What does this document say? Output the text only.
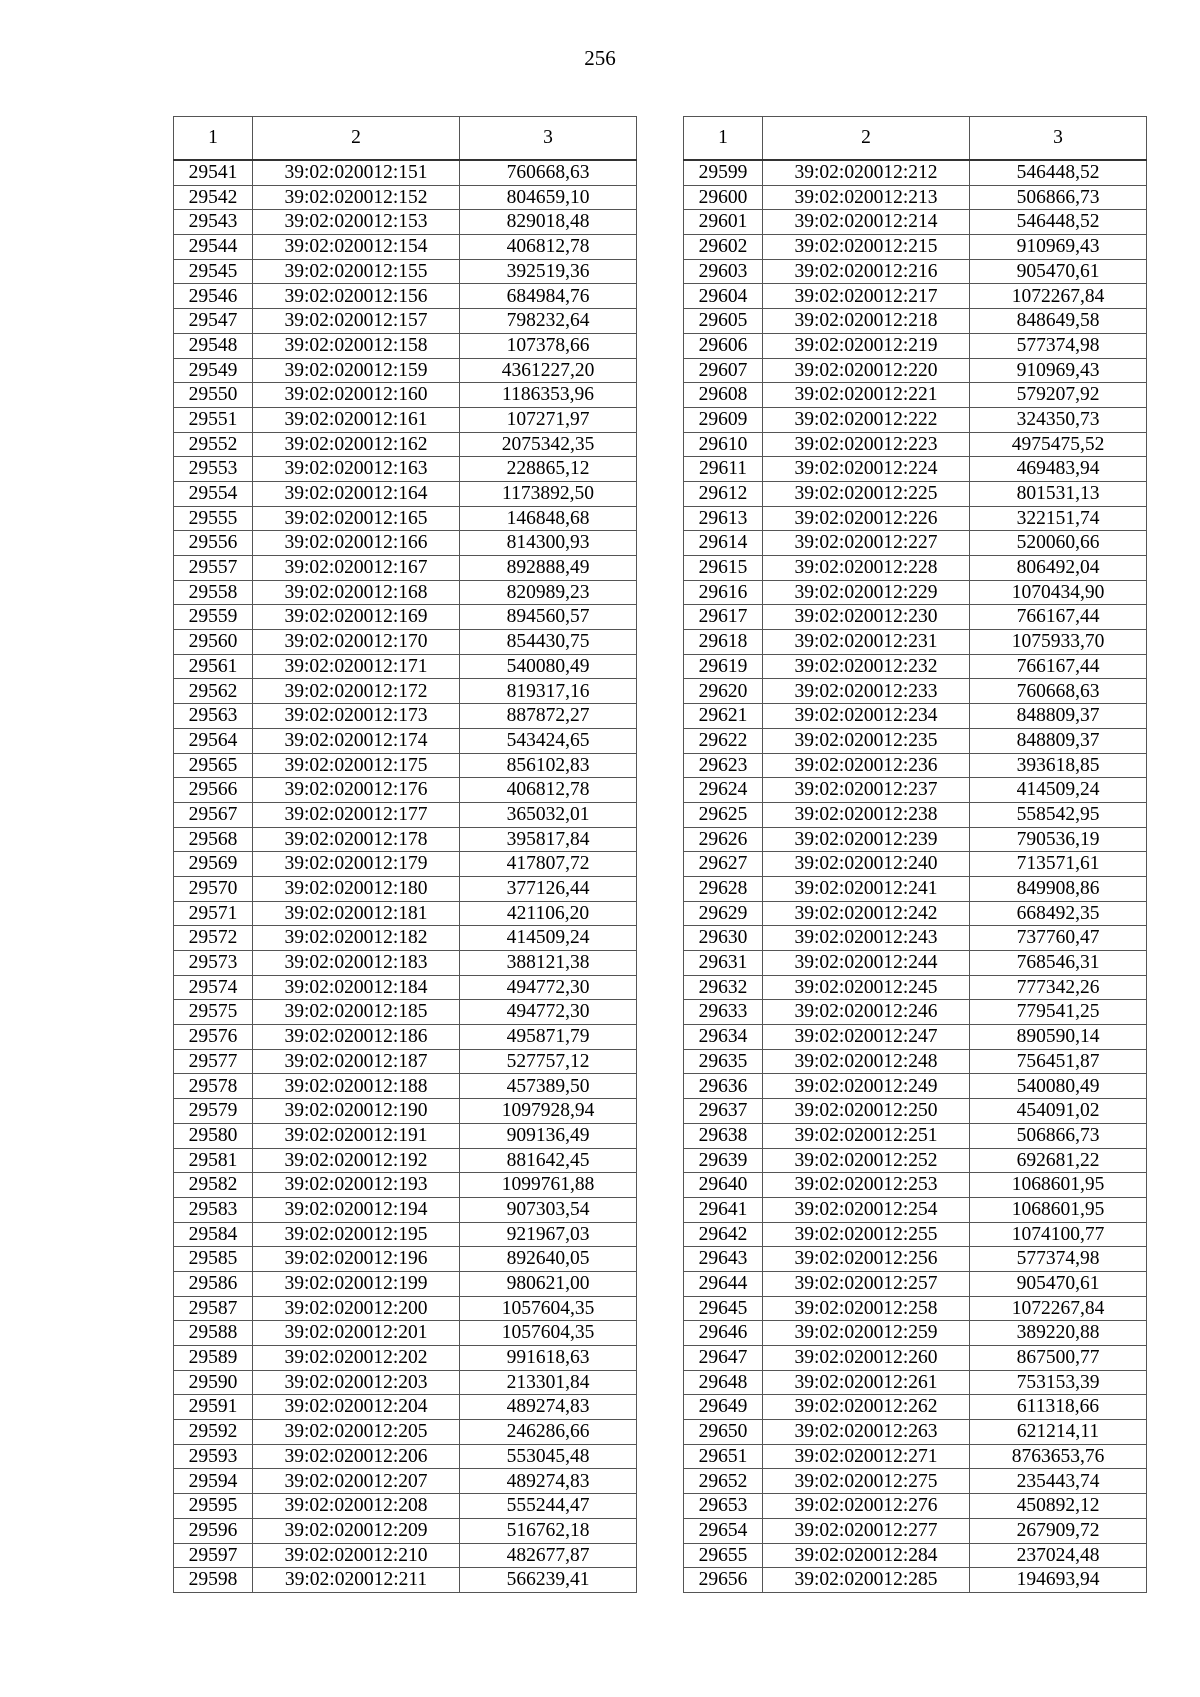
256
1	2	3
29541	39:02:020012:151	760668,63
29542	39:02:020012:152	804659,10
29543	39:02:020012:153	829018,48
29544	39:02:020012:154	406812,78
29545	39:02:020012:155	392519,36
29546	39:02:020012:156	684984,76
29547	39:02:020012:157	798232,64
29548	39:02:020012:158	107378,66
29549	39:02:020012:159	4361227,20
29550	39:02:020012:160	1186353,96
29551	39:02:020012:161	107271,97
29552	39:02:020012:162	2075342,35
29553	39:02:020012:163	228865,12
29554	39:02:020012:164	1173892,50
29555	39:02:020012:165	146848,68
29556	39:02:020012:166	814300,93
29557	39:02:020012:167	892888,49
29558	39:02:020012:168	820989,23
29559	39:02:020012:169	894560,57
29560	39:02:020012:170	854430,75
29561	39:02:020012:171	540080,49
29562	39:02:020012:172	819317,16
29563	39:02:020012:173	887872,27
29564	39:02:020012:174	543424,65
29565	39:02:020012:175	856102,83
29566	39:02:020012:176	406812,78
29567	39:02:020012:177	365032,01
29568	39:02:020012:178	395817,84
29569	39:02:020012:179	417807,72
29570	39:02:020012:180	377126,44
29571	39:02:020012:181	421106,20
29572	39:02:020012:182	414509,24
29573	39:02:020012:183	388121,38
29574	39:02:020012:184	494772,30
29575	39:02:020012:185	494772,30
29576	39:02:020012:186	495871,79
29577	39:02:020012:187	527757,12
29578	39:02:020012:188	457389,50
29579	39:02:020012:190	1097928,94
29580	39:02:020012:191	909136,49
29581	39:02:020012:192	881642,45
29582	39:02:020012:193	1099761,88
29583	39:02:020012:194	907303,54
29584	39:02:020012:195	921967,03
29585	39:02:020012:196	892640,05
29586	39:02:020012:199	980621,00
29587	39:02:020012:200	1057604,35
29588	39:02:020012:201	1057604,35
29589	39:02:020012:202	991618,63
29590	39:02:020012:203	213301,84
29591	39:02:020012:204	489274,83
29592	39:02:020012:205	246286,66
29593	39:02:020012:206	553045,48
29594	39:02:020012:207	489274,83
29595	39:02:020012:208	555244,47
29596	39:02:020012:209	516762,18
29597	39:02:020012:210	482677,87
29598	39:02:020012:211	566239,41
1	2	3
29599	39:02:020012:212	546448,52
29600	39:02:020012:213	506866,73
29601	39:02:020012:214	546448,52
29602	39:02:020012:215	910969,43
29603	39:02:020012:216	905470,61
29604	39:02:020012:217	1072267,84
29605	39:02:020012:218	848649,58
29606	39:02:020012:219	577374,98
29607	39:02:020012:220	910969,43
29608	39:02:020012:221	579207,92
29609	39:02:020012:222	324350,73
29610	39:02:020012:223	4975475,52
29611	39:02:020012:224	469483,94
29612	39:02:020012:225	801531,13
29613	39:02:020012:226	322151,74
29614	39:02:020012:227	520060,66
29615	39:02:020012:228	806492,04
29616	39:02:020012:229	1070434,90
29617	39:02:020012:230	766167,44
29618	39:02:020012:231	1075933,70
29619	39:02:020012:232	766167,44
29620	39:02:020012:233	760668,63
29621	39:02:020012:234	848809,37
29622	39:02:020012:235	848809,37
29623	39:02:020012:236	393618,85
29624	39:02:020012:237	414509,24
29625	39:02:020012:238	558542,95
29626	39:02:020012:239	790536,19
29627	39:02:020012:240	713571,61
29628	39:02:020012:241	849908,86
29629	39:02:020012:242	668492,35
29630	39:02:020012:243	737760,47
29631	39:02:020012:244	768546,31
29632	39:02:020012:245	777342,26
29633	39:02:020012:246	779541,25
29634	39:02:020012:247	890590,14
29635	39:02:020012:248	756451,87
29636	39:02:020012:249	540080,49
29637	39:02:020012:250	454091,02
29638	39:02:020012:251	506866,73
29639	39:02:020012:252	692681,22
29640	39:02:020012:253	1068601,95
29641	39:02:020012:254	1068601,95
29642	39:02:020012:255	1074100,77
29643	39:02:020012:256	577374,98
29644	39:02:020012:257	905470,61
29645	39:02:020012:258	1072267,84
29646	39:02:020012:259	389220,88
29647	39:02:020012:260	867500,77
29648	39:02:020012:261	753153,39
29649	39:02:020012:262	611318,66
29650	39:02:020012:263	621214,11
29651	39:02:020012:271	8763653,76
29652	39:02:020012:275	235443,74
29653	39:02:020012:276	450892,12
29654	39:02:020012:277	267909,72
29655	39:02:020012:284	237024,48
29656	39:02:020012:285	194693,94
